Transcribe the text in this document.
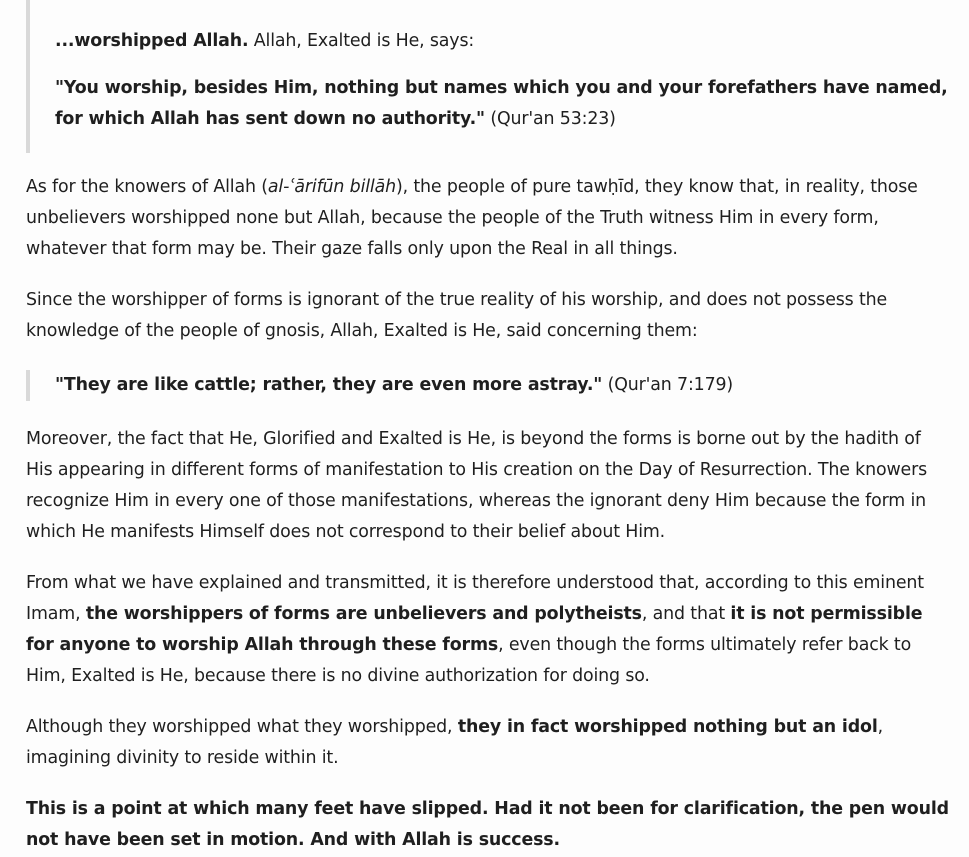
...worshipped Allah. Allah, Exalted is He, says:

"You worship, besides Him, nothing but names which you and your forefathers have named, for which Allah has sent down no authority." (Qur'an 53:23)

As for the knowers of Allah (al-ʿārifūn billāh), the people of pure tawḥīd, they know that, in reality, those unbelievers worshipped none but Allah, because the people of the Truth witness Him in every form, whatever that form may be. Their gaze falls only upon the Real in all things.

Since the worshipper of forms is ignorant of the true reality of his worship, and does not possess the knowledge of the people of gnosis, Allah, Exalted is He, said concerning them:

"They are like cattle; rather, they are even more astray." (Qur'an 7:179)

Moreover, the fact that He, Glorified and Exalted is He, is beyond the forms is borne out by the hadith of His appearing in different forms of manifestation to His creation on the Day of Resurrection. The knowers recognize Him in every one of those manifestations, whereas the ignorant deny Him because the form in which He manifests Himself does not correspond to their belief about Him.

From what we have explained and transmitted, it is therefore understood that, according to this eminent Imam, the worshippers of forms are unbelievers and polytheists, and that it is not permissible for anyone to worship Allah through these forms, even though the forms ultimately refer back to Him, Exalted is He, because there is no divine authorization for doing so.

Although they worshipped what they worshipped, they in fact worshipped nothing but an idol, imagining divinity to reside within it.

This is a point at which many feet have slipped. Had it not been for clarification, the pen would not have been set in motion. And with Allah is success.
